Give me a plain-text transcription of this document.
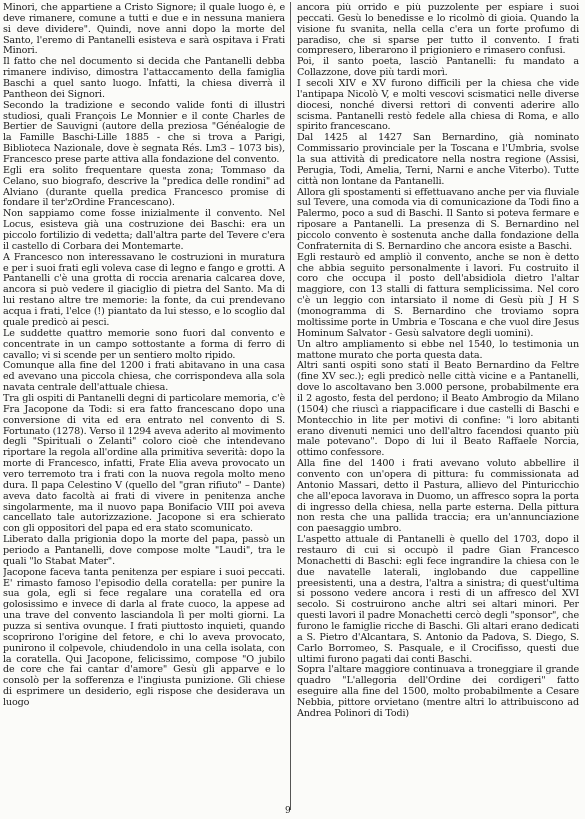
Minori, che appartiene a Cristo Signore; il quale luogo è, e deve rimanere, comune a tutti e due e in nessuna maniera si deve dividere". Quindi, nove anni dopo la morte del Santo, l'eremo di Pantanelli esisteva e sarà ospitava i Frati Minori.

Il fatto che nel documento si decida che Pantanelli debba rimanere indiviso, dimostra l'attaccamento della famiglia Baschi a quel santo luogo. Infatti, la chiesa diverrà il Pantheon dei Signori.

Secondo la tradizione e secondo valide fonti di illustri studiosi, quali François Le Monnier e il conte Charles de Bertier de Sauvigni (autore della preziosa "Généalogie de la Famille Baschi-Lille 1885 - che si trova a Parigi, Biblioteca Nazionale, dove è segnata Rés. Lm3 – 1073 bis), Francesco prese parte attiva alla fondazione del convento.

Egli era solito frequentare questa zona; Tommaso da Celano, suo biografo, descrive la "predica delle rondini" ad Alviano (durante quella predica Francesco promise di fondare il ter'zOrdine Francescano).

Non sappiamo come fosse inizialmente il convento. Nel Locus, esisteva già una costruzione dei Baschi: era un piccolo fortilizio di vedetta; dall'altra parte del Tevere c'era il castello di Corbara dei Montemarte.

A Francesco non interessavano le costruzioni in muratura e per i suoi frati egli voleva case di legno e fango e grotti. A Pantanelli c'è una grotta di roccia arenaria calcarea dove, ancora si può vedere il giaciglio di pietra del Santo. Ma di lui restano altre tre memorie: la fonte, da cui prendevano acqua i frati, l'elce (!) piantato da lui stesso, e lo scoglio dal quale predicò ai pesci.

Le suddette quattro memorie sono fuori dal convento e concentrate in un campo sottostante a forma di ferro di cavallo; vi si scende per un sentiero molto ripido.

Comunque alla fine del 1200 i frati abitavano in una casa ed avevano una piccola chiesa, che corrispondeva alla sola navata centrale dell'attuale chiesa.

Tra gli ospiti di Pantanelli degni di particolare memoria, c'è Fra Jacopone da Todi: si era fatto francescano dopo una conversione di vita ed era entrato nel convento di S. Fortunato (1278). Verso il 1294 aveva aderito al movimento degli "Spirituali o Zelanti" coloro cioè che intendevano riportare la regola all'ordine alla primitiva severità: dopo la morte di Francesco, infatti, Frate Elia aveva provocato un vero terremoto tra i frati con la nuova regola molto meno dura. Il papa Celestino V (quello del "gran rifiuto" – Dante) aveva dato facoltà ai frati di vivere in penitenza anche singolarmente, ma il nuovo papa Bonifacio VIII poi aveva cancellato tale autorizzazione. Jacopone si era schierato con gli oppositori del papa ed era stato scomunicato.

Liberato dalla prigionia dopo la morte del papa, passò un periodo a Pantanelli, dove compose molte "Laudi", tra le quali "lo Stabat Mater".

Jacopone faceva tanta penitenza per espiare i suoi peccati. E' rimasto famoso l'episodio della coratella: per punire la sua gola, egli si fece regalare una coratella ed ora golosissimo e invece di darla al frate cuoco, la appese ad una trave del convento lasciandola lì per molti giorni. La puzza si sentiva ovunque. I frati piuttosto inquieti, quando scoprirono l'origine del fetore, e chi lo aveva provocato, punirono il colpevole, chiudendolo in una cella isolata, con la coratella. Qui Jacopone, felicissimo, compose "O jubilo de core che fai cantar d'amore" Gesù gli apparve e lo consolò per la sofferenza e l'ingiusta punizione. Gli chiese di esprimere un desiderio, egli rispose che desiderava un luogo

ancora più orrido e più puzzolente per espiare i suoi peccati. Gesù lo benedisse e lo ricolmò di gioia. Quando la visione fu svanita, nella cella c'era un forte profumo di paradiso, che si sparse per tutto il convento. I frati compresero, liberarono il prigioniero e rimasero confusi.

Poi, il santo poeta, lasciò Pantanelli: fu mandato a Collazzone, dove più tardi morì.

I secoli XIV e XV furono difficili per la chiesa che vide l'antipapa Nicolò V, e molti vescovi scismatici nelle diverse diocesi, nonché diversi rettori di conventi aderire allo scisma. Pantanelli restò fedele alla chiesa di Roma, e allo spirito francescano.

Dal 1425 al 1427 San Bernardino, già nominato Commissario provinciale per la Toscana e l'Umbria, svolse la sua attività di predicatore nella nostra regione (Assisi, Perugia, Todi, Amelia, Terni, Narni e anche Viterbo). Tutte città non lontane da Pantanelli.

Allora gli spostamenti si effettuavano anche per via fluviale sul Tevere, una comoda via di comunicazione da Todi fino a Palermo, poco a sud di Baschi. Il Santo si poteva fermare e riposare a Pantanelli. La presenza di S. Bernardino nel piccolo convento è sostenuta anche dalla fondazione della Confraternita di S. Bernardino che ancora esiste a Baschi.

Egli restaurò ed ampliò il convento, anche se non è detto che abbia seguito personalmente i lavori. Fu costruito il coro che occupa il posto dell'absidiola dietro l'altar maggiore, con 13 stalli di fattura semplicissima. Nel coro c'è un leggio con intarsiato il nome di Gesù più J H S (monogramma di S. Bernardino che troviamo sopra moltissime porte in Umbria e Toscana e che vuol dire Jesus Hominum Salvator - Gesù salvatore degli uomini).

Un altro ampliamento si ebbe nel 1540, lo testimonia un mattone murato che porta questa data.

Altri santi ospiti sono stati il Beato Bernardino da Feltre (fine XV sec.); egli predicò nelle città vicine e a Pantanelli, dove lo ascoltavano ben 3.000 persone, probabilmente era il 2 agosto, festa del perdono; il Beato Ambrogio da Milano (1504) che riuscì a riappacificare i due castelli di Baschi e Montecchio in lite per motivi di confine: "i loro abitanti erano divenuti nemici uno dell'altro facendosi quanto più male potevano". Dopo di lui il Beato Raffaele Norcia, ottimo confessore.

Alla fine del 1400 i frati avevano voluto abbellire il convento con un'opera di pittura: fu commissionata ad Antonio Massari, detto il Pastura, allievo del Pinturicchio che all'epoca lavorava in Duomo, un affresco sopra la porta di ingresso della chiesa, nella parte esterna. Della pittura non resta che una pallida traccia; era un'annunciazione con paesaggio umbro.

L'aspetto attuale di Pantanelli è quello del 1703, dopo il restauro di cui si occupò il padre Gian Francesco Monachetti di Baschi: egli fece ingrandire la chiesa con le due navatelle laterali, inglobando due cappelline preesistenti, una a destra, l'altra a sinistra; di quest'ultima si possono vedere ancora i resti di un affresco del XVI secolo. Si costruirono anche altri sei altari minori. Per questi lavori il padre Monachetti cercò degli "sponsor", che furono le famiglie ricche di Baschi. Gli altari erano dedicati a S. Pietro d'Alcantara, S. Antonio da Padova, S. Diego, S. Carlo Borromeo, S. Pasquale, e il Crocifisso, questi due ultimi furono pagati dai conti Baschi.

Sopra l'altare maggiore continuava a troneggiare il grande quadro "L'allegoria dell'Ordine dei cordigeri" fatto eseguire alla fine del 1500, molto probabilmente a Cesare Nebbia, pittore orvietano (mentre altri lo attribuiscono ad Andrea Polinori di Todi)

9
